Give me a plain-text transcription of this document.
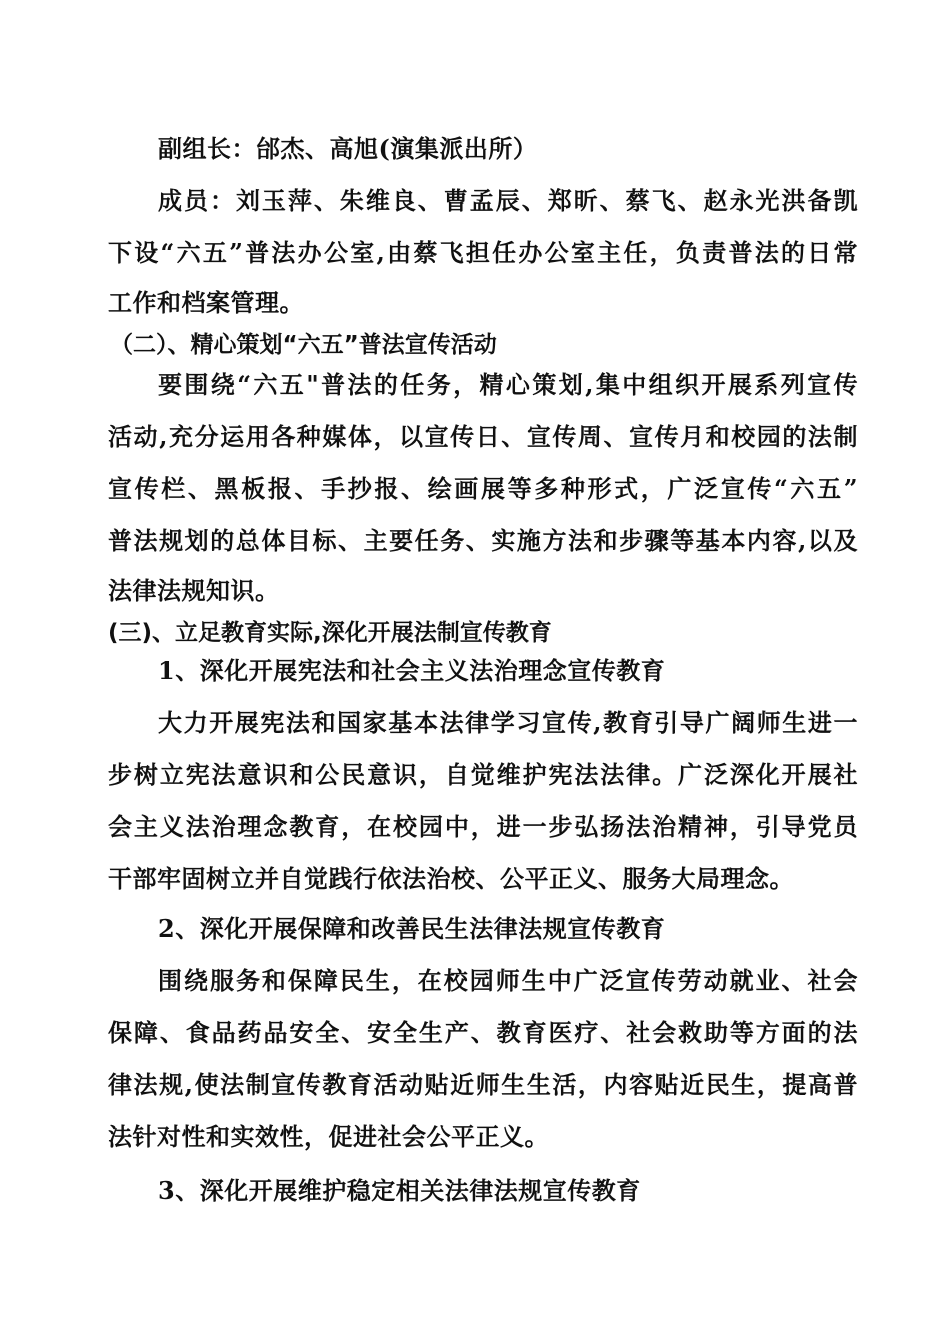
副组长：邰杰、高旭(演集派出所）
成员：刘玉萍、朱维良、曹孟辰、郑昕、蔡飞、赵永光洪备凯
下设“六五”普法办公室,由蔡飞担任办公室主任，负责普法的日常
工作和档案管理。
（二）、精心策划“六五”普法宣传活动
要围绕“六五"普法的任务，精心策划,集中组织开展系列宣传
活动,充分运用各种媒体，以宣传日、宣传周、宣传月和校园的法制
宣传栏、黑板报、手抄报、绘画展等多种形式，广泛宣传“六五”
普法规划的总体目标、主要任务、实施方法和步骤等基本内容,以及
法律法规知识。
(三)、立足教育实际,深化开展法制宣传教育
1、深化开展宪法和社会主义法治理念宣传教育
大力开展宪法和国家基本法律学习宣传,教育引导广阔师生进一
步树立宪法意识和公民意识，自觉维护宪法法律。广泛深化开展社
会主义法治理念教育，在校园中，进一步弘扬法治精神，引导党员
干部牢固树立并自觉践行依法治校、公平正义、服务大局理念。
2、深化开展保障和改善民生法律法规宣传教育
围绕服务和保障民生，在校园师生中广泛宣传劳动就业、社会
保障、食品药品安全、安全生产、教育医疗、社会救助等方面的法
律法规,使法制宣传教育活动贴近师生生活，内容贴近民生，提高普
法针对性和实效性，促进社会公平正义。
3、深化开展维护稳定相关法律法规宣传教育
